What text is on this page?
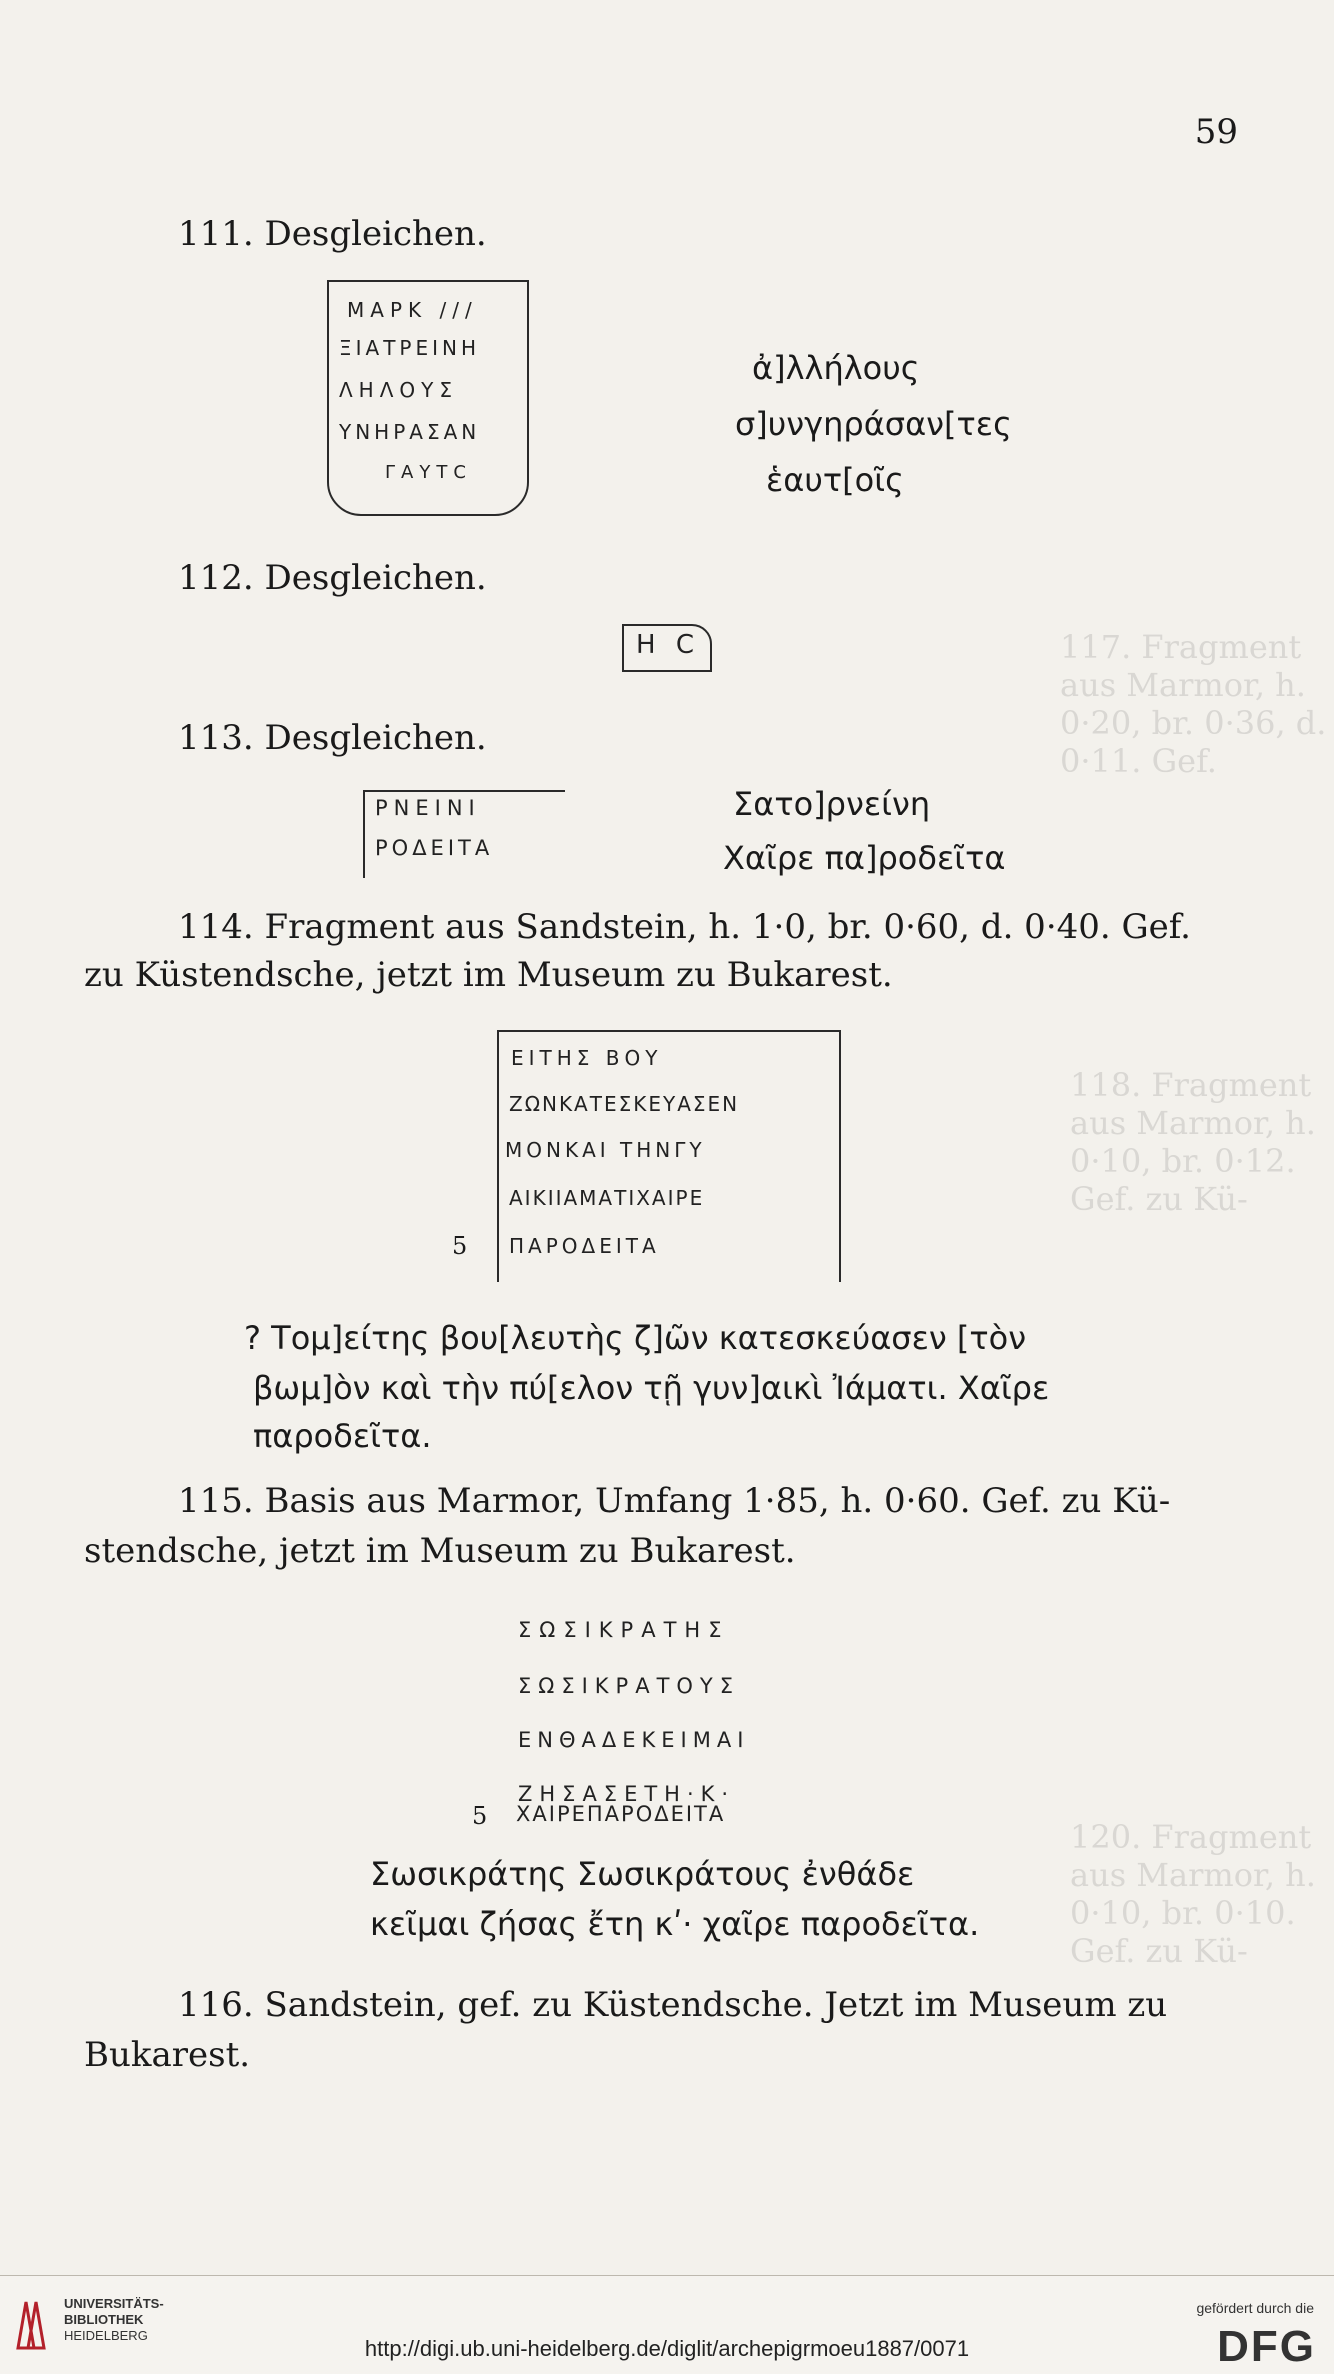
117. Fragment aus Marmor, h. 0·20, br. 0·36, d. 0·11. Gef.
118. Fragment aus Marmor, h. 0·10, br. 0·12. Gef. zu Kü-
120. Fragment aus Marmor, h. 0·10, br. 0·10. Gef. zu Kü-
59
111. Desgleichen.
ΜΑΡΚ ///
ΞΙΑΤΡΕΙΝΗ
ΛΗΛΟΥΣ
ΥΝΗΡΑΣΑΝ
ΓΑΥΤC
ἀ]λλήλους
σ]υνγηράσαν[τες
ἑαυτ[οῖς
112. Desgleichen.
Η C
113. Desgleichen.
ΡΝΕΙΝΙ
ΡΟΔΕΙΤΑ
Σατο]ρνείνη
Χαῖρε πα]ροδεῖτα
114. Fragment aus Sandstein, h. 1·0, br. 0·60, d. 0·40. Gef.
zu Küstendsche, jetzt im Museum zu Bukarest.
ΕΙΤΗΣ ΒΟΥ
ΖΩΝΚΑΤΕΣΚΕΥΑΣΕΝ
ΜΟΝΚΑΙ ΤΗΝΓΥ
ΑΙΚΙΙΑΜΑΤΙΧΑΙΡΕ
ΠΑΡΟΔΕΙΤΑ
5
? Τομ]είτης βου[λευτὴς ζ]ῶν κατεσκεύασεν [τὸν
βωμ]ὸν καὶ τὴν πύ[ελον τῇ γυν]αικὶ Ἰάματι. Χαῖρε
παροδεῖτα.
115. Basis aus Marmor, Umfang 1·85, h. 0·60. Gef. zu Kü-
stendsche, jetzt im Museum zu Bukarest.
ΣΩΣΙΚΡΑΤΗΣ
ΣΩΣΙΚΡΑΤΟΥΣ
ΕΝΘΑΔΕΚΕΙΜΑΙ
ΖΗΣΑΣΕΤΗ·Κ·
5 ΧΑΙΡΕΠΑΡΟΔΕΙΤΑ
Σωσικράτης Σωσικράτους ἐνθάδε
κεῖμαι ζήσας ἔτη κʹ· χαῖρε παροδεῖτα.
116. Sandstein, gef. zu Küstendsche. Jetzt im Museum zu
Bukarest.
UNIVERSITÄTS-
BIBLIOTHEK
HEIDELBERG
http://digi.ub.uni-heidelberg.de/diglit/archepigrmoeu1887/0071
gefördert durch die
DFG
